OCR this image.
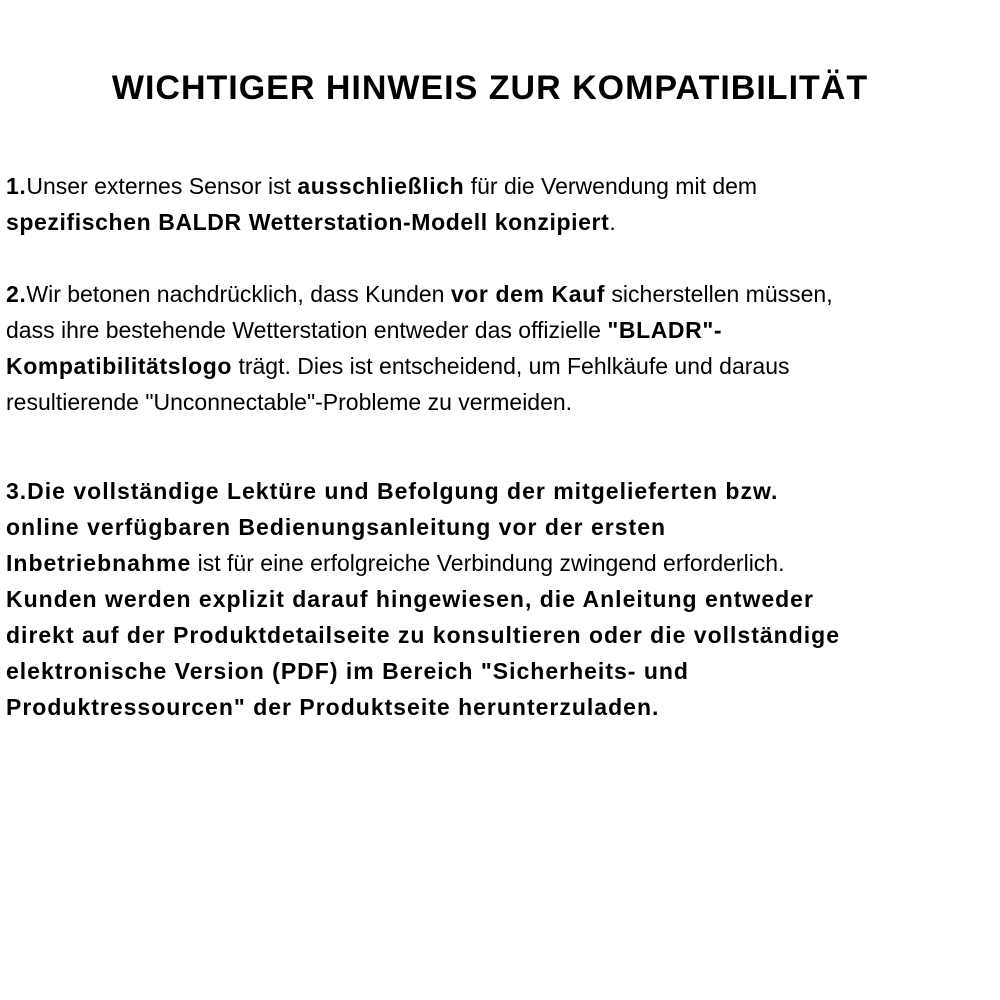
WICHTIGER HINWEIS ZUR KOMPATIBILITÄT
1.Unser externes Sensor ist ausschließlich für die Verwendung mit dem
spezifischen BALDR Wetterstation-Modell konzipiert.
2.Wir betonen nachdrücklich, dass Kunden vor dem Kauf sicherstellen müssen,
dass ihre bestehende Wetterstation entweder das offizielle "BLADR"-
Kompatibilitätslogo trägt. Dies ist entscheidend, um Fehlkäufe und daraus
resultierende "Unconnectable"-Probleme zu vermeiden.
3.Die vollständige Lektüre und Befolgung der mitgelieferten bzw.
online verfügbaren Bedienungsanleitung vor der ersten
Inbetriebnahme ist für eine erfolgreiche Verbindung zwingend erforderlich.
Kunden werden explizit darauf hingewiesen, die Anleitung entweder
direkt auf der Produktdetailseite zu konsultieren oder die vollständige
elektronische Version (PDF) im Bereich "Sicherheits- und
Produktressourcen" der Produktseite herunterzuladen.
